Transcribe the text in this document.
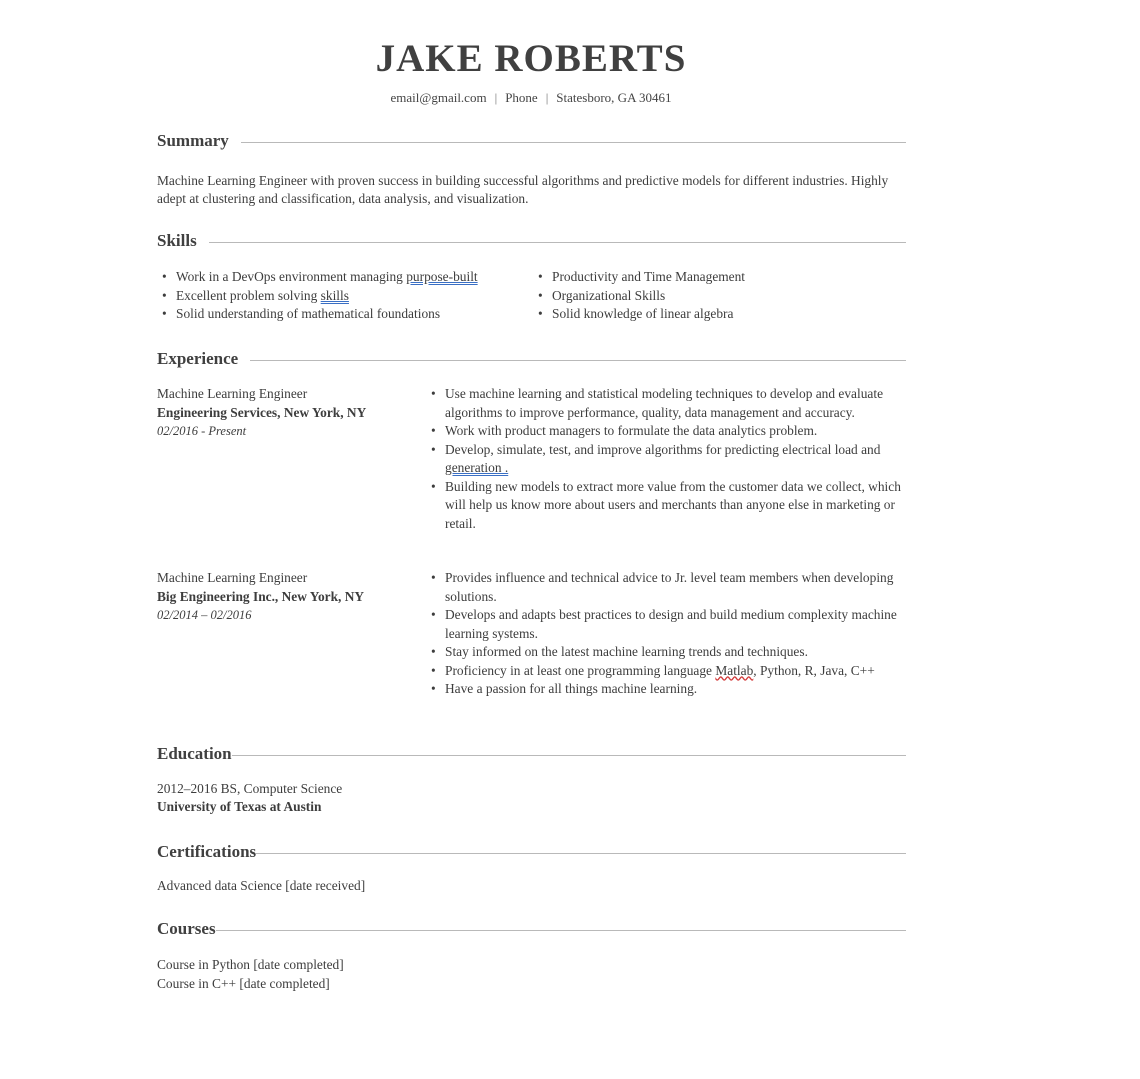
JAKE ROBERTS
email@gmail.com | Phone | Statesboro, GA 30461
Summary

Machine Learning Engineer with proven success in building successful algorithms and predictive models for different industries. Highly adept at clustering and classification, data analysis, and visualization.

Skills
• Work in a DevOps environment managing purpose-built
• Excellent problem solving skills
• Solid understanding of mathematical foundations
• Productivity and Time Management
• Organizational Skills
• Solid knowledge of linear algebra
Experience
Machine Learning Engineer
Engineering Services, New York, NY
02/2016 - Present
• Use machine learning and statistical modeling techniques to develop and evaluate algorithms to improve performance, quality, data management and accuracy.
• Work with product managers to formulate the data analytics problem.
• Develop, simulate, test, and improve algorithms for predicting electrical load and generation .
• Building new models to extract more value from the customer data we collect, which will help us know more about users and merchants than anyone else in marketing or retail.
Machine Learning Engineer
Big Engineering Inc., New York, NY
02/2014 – 02/2016
• Provides influence and technical advice to Jr. level team members when developing solutions.
• Develops and adapts best practices to design and build medium complexity machine learning systems.
• Stay informed on the latest machine learning trends and techniques.
• Proficiency in at least one programming language Matlab, Python, R, Java, C++
• Have a passion for all things machine learning.
Education
2012–2016 BS, Computer Science
University of Texas at Austin
Certifications
Advanced data Science [date received]
Courses
Course in Python [date completed]
Course in C++ [date completed]
